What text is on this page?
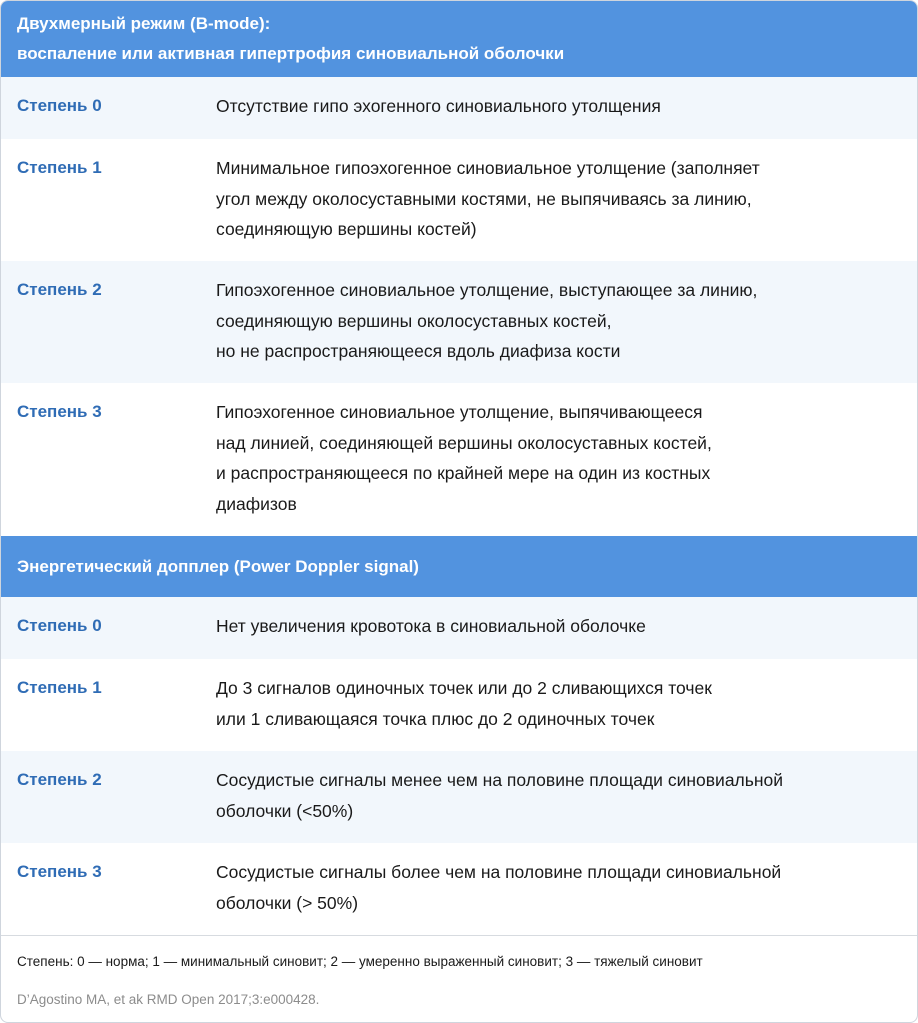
Двухмерный режим (B-mode):
воспаление или активная гипертрофия синовиальной оболочки
Степень 0	Отсутствие гипо эхогенного синовиального утолщения
Степень 1	Минимальное гипоэхогенное синовиальное утолщение (заполняет
угол между околосуставными костями, не выпячиваясь за линию,
соединяющую вершины костей)
Степень 2	Гипоэхогенное синовиальное утолщение, выступающее за линию,
соединяющую вершины околосуставных костей,
но не распространяющееся вдоль диафиза кости
Степень 3	Гипоэхогенное синовиальное утолщение, выпячивающееся
над линией, соединяющей вершины околосуставных костей,
и распространяющееся по крайней мере на один из костных
диафизов
Энергетический допплер (Power Doppler signal)
Степень 0	Нет увеличения кровотока в синовиальной оболочке
Степень 1	До 3 сигналов одиночных точек или до 2 сливающихся точек
или 1 сливающаяся точка плюс до 2 одиночных точек
Степень 2	Сосудистые сигналы менее чем на половине площади синовиальной
оболочки (<50%)
Степень 3	Сосудистые сигналы более чем на половине площади синовиальной
оболочки (> 50%)
Степень: 0 — норма; 1 — минимальный синовит; 2 — умеренно выраженный синовит; 3 — тяжелый синовит
D’Agostino MA, et ak RMD Open 2017;3:e000428.
